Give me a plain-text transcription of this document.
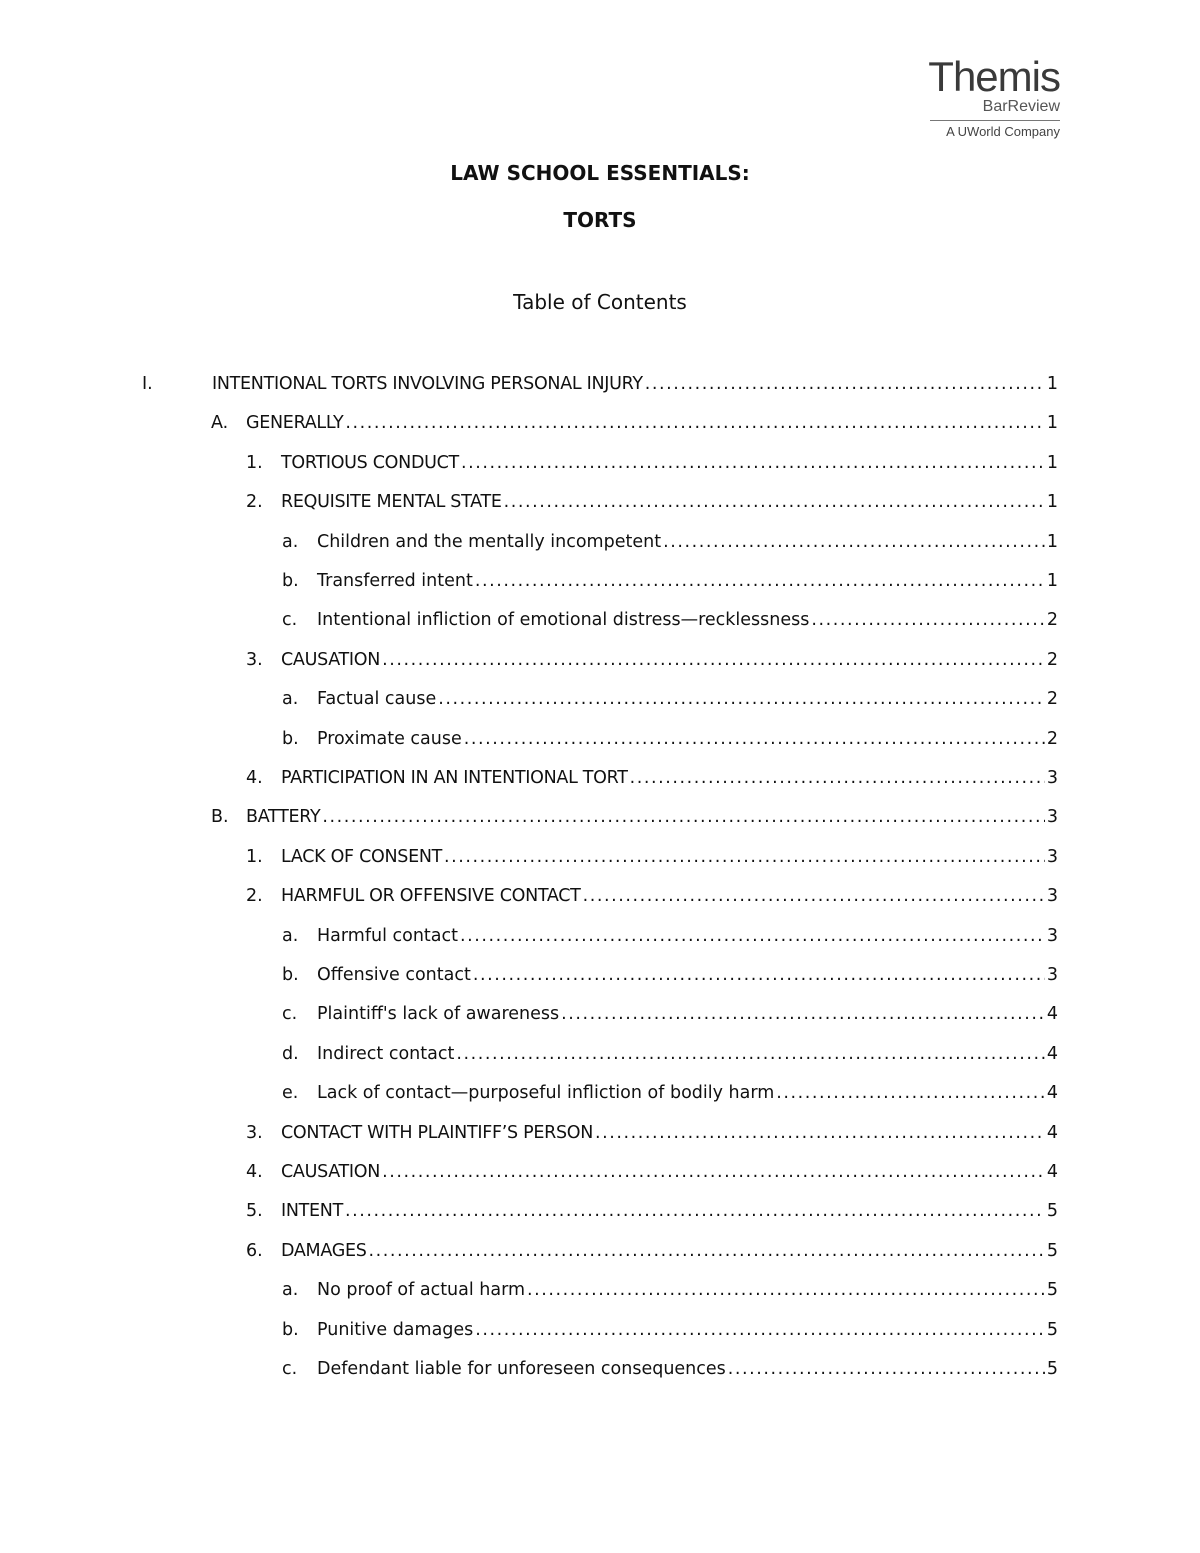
Themis
BarReview
A UWorld Company
LAW SCHOOL ESSENTIALS:
TORTS
Table of Contents
I.	INTENTIONAL TORTS INVOLVING PERSONAL INJURY . . .	1
A.	GENERALLY . . .	1
1.	TORTIOUS CONDUCT . . .	1
2.	REQUISITE MENTAL STATE . . .	1
a.	Children and the mentally incompetent . . .	1
b.	Transferred intent . . .	1
c.	Intentional infliction of emotional distress—recklessness . . .	2
3.	CAUSATION . . .	2
a.	Factual cause . . .	2
b.	Proximate cause . . .	2
4.	PARTICIPATION IN AN INTENTIONAL TORT . . .	3
B. BATTERY . . .	3
1.	LACK OF CONSENT . . .	3
2.	HARMFUL OR OFFENSIVE CONTACT . . .	3
a.	Harmful contact . . .	3
b.	Offensive contact . . .	3
c.	Plaintiff's lack of awareness . . .	4
d.	Indirect contact . . .	4
e.	Lack of contact—purposeful infliction of bodily harm . . .	4
3.	CONTACT WITH PLAINTIFF’S PERSON . . .	4
4.	CAUSATION . . .	4
5.	INTENT . . .	5
6.	DAMAGES . . .	5
a.	No proof of actual harm . . .	5
b.	Punitive damages . . .	5
c.	Defendant liable for unforeseen consequences . . .	5
